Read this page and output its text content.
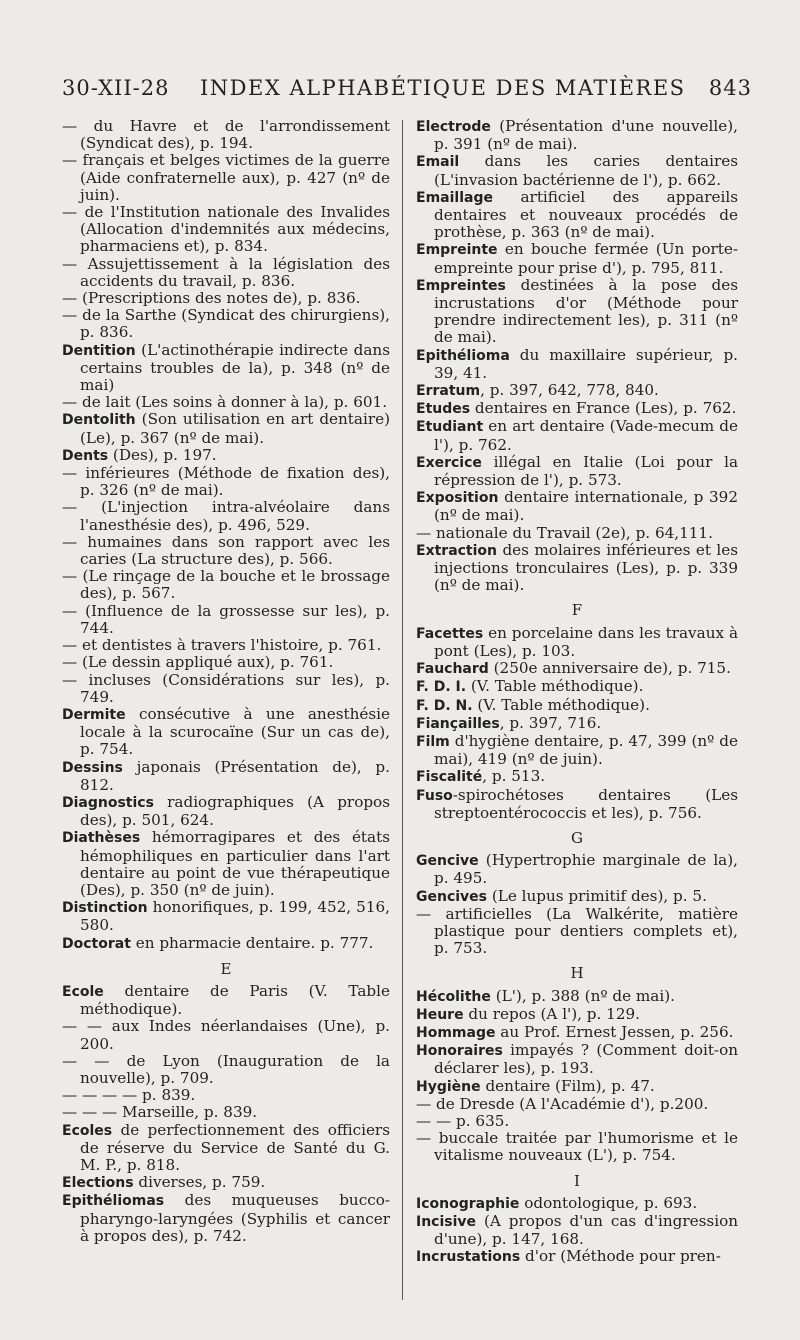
30-XII-28 INDEX ALPHABÉTIQUE DES MATIÈRES 843

— du Havre et de l'arrondissement (Syndicat des), p. 194.

— français et belges victimes de la guerre (Aide confraternelle aux), p. 427 (nº de juin).

— de l'Institution nationale des Invalides (Allocation d'indemnités aux médecins, pharmaciens et), p. 834.

— Assujettissement à la législation des accidents du travail, p. 836.

— (Prescriptions des notes de), p. 836.

— de la Sarthe (Syndicat des chirurgiens), p. 836.

Dentition (L'actinothérapie indirecte dans certains troubles de la), p. 348 (nº de mai)

— de lait (Les soins à donner à la), p. 601.

Dentolith (Son utilisation en art dentaire) (Le), p. 367 (nº de mai).

Dents (Des), p. 197.

— inférieures (Méthode de fixation des), p. 326 (nº de mai).

— (L'injection intra-alvéolaire dans l'anesthésie des), p. 496, 529.

— humaines dans son rapport avec les caries (La structure des), p. 566.

— (Le rinçage de la bouche et le brossage des), p. 567.

— (Influence de la grossesse sur les), p. 744.

— et dentistes à travers l'histoire, p. 761.

— (Le dessin appliqué aux), p. 761.

— incluses (Considérations sur les), p. 749.

Dermite consécutive à une anesthésie locale à la scurocaïne (Sur un cas de), p. 754.

Dessins japonais (Présentation de), p. 812.

Diagnostics radiographiques (A propos des), p. 501, 624.

Diathèses hémorragipares et des états hémophiliques en particulier dans l'art dentaire au point de vue thérapeutique (Des), p. 350 (nº de juin).

Distinction honorifiques, p. 199, 452, 516, 580.

Doctorat en pharmacie dentaire. p. 777.

E

Ecole dentaire de Paris (V. Table méthodique).

— — aux Indes néerlandaises (Une), p. 200.

— — de Lyon (Inauguration de la nouvelle), p. 709.

— — — — p. 839.

— — — Marseille, p. 839.

Ecoles de perfectionnement des officiers de réserve du Service de Santé du G. M. P., p. 818.

Elections diverses, p. 759.

Epithéliomas des muqueuses bucco-pharyngo-laryngées (Syphilis et cancer à propos des), p. 742.

Electrode (Présentation d'une nouvelle), p. 391 (nº de mai).

Email dans les caries dentaires (L'invasion bactérienne de l'), p. 662.

Emaillage artificiel des appareils dentaires et nouveaux procédés de prothèse, p. 363 (nº de mai).

Empreinte en bouche fermée (Un porte-empreinte pour prise d'), p. 795, 811.

Empreintes destinées à la pose des incrustations d'or (Méthode pour prendre indirectement les), p. 311 (nº de mai).

Epithélioma du maxillaire supérieur, p. 39, 41.

Erratum, p. 397, 642, 778, 840.

Etudes dentaires en France (Les), p. 762.

Etudiant en art dentaire (Vade-mecum de l'), p. 762.

Exercice illégal en Italie (Loi pour la répression de l'), p. 573.

Exposition dentaire internationale, p 392 (nº de mai).

— nationale du Travail (2e), p. 64,111.

Extraction des molaires inférieures et les injections tronculaires (Les), p. p. 339 (nº de mai).

F

Facettes en porcelaine dans les travaux à pont (Les), p. 103.

Fauchard (250e anniversaire de), p. 715.

F. D. I. (V. Table méthodique).

F. D. N. (V. Table méthodique).

Fiançailles, p. 397, 716.

Film d'hygiène dentaire, p. 47, 399 (nº de mai), 419 (nº de juin).

Fiscalité, p. 513.

Fuso-spirochétoses dentaires (Les streptoentérococcis et les), p. 756.

G

Gencive (Hypertrophie marginale de la), p. 495.

Gencives (Le lupus primitif des), p. 5.

— artificielles (La Walkérite, matière plastique pour dentiers complets et), p. 753.

H

Hécolithe (L'), p. 388 (nº de mai).

Heure du repos (A l'), p. 129.

Hommage au Prof. Ernest Jessen, p. 256.

Honoraires impayés ? (Comment doit-on déclarer les), p. 193.

Hygiène dentaire (Film), p. 47.

— de Dresde (A l'Académie d'), p.200.

— — p. 635.

— buccale traitée par l'humorisme et le vitalisme nouveaux (L'), p. 754.

I

Iconographie odontologique, p. 693.

Incisive (A propos d'un cas d'ingression d'une), p. 147, 168.

Incrustations d'or (Méthode pour pren-
